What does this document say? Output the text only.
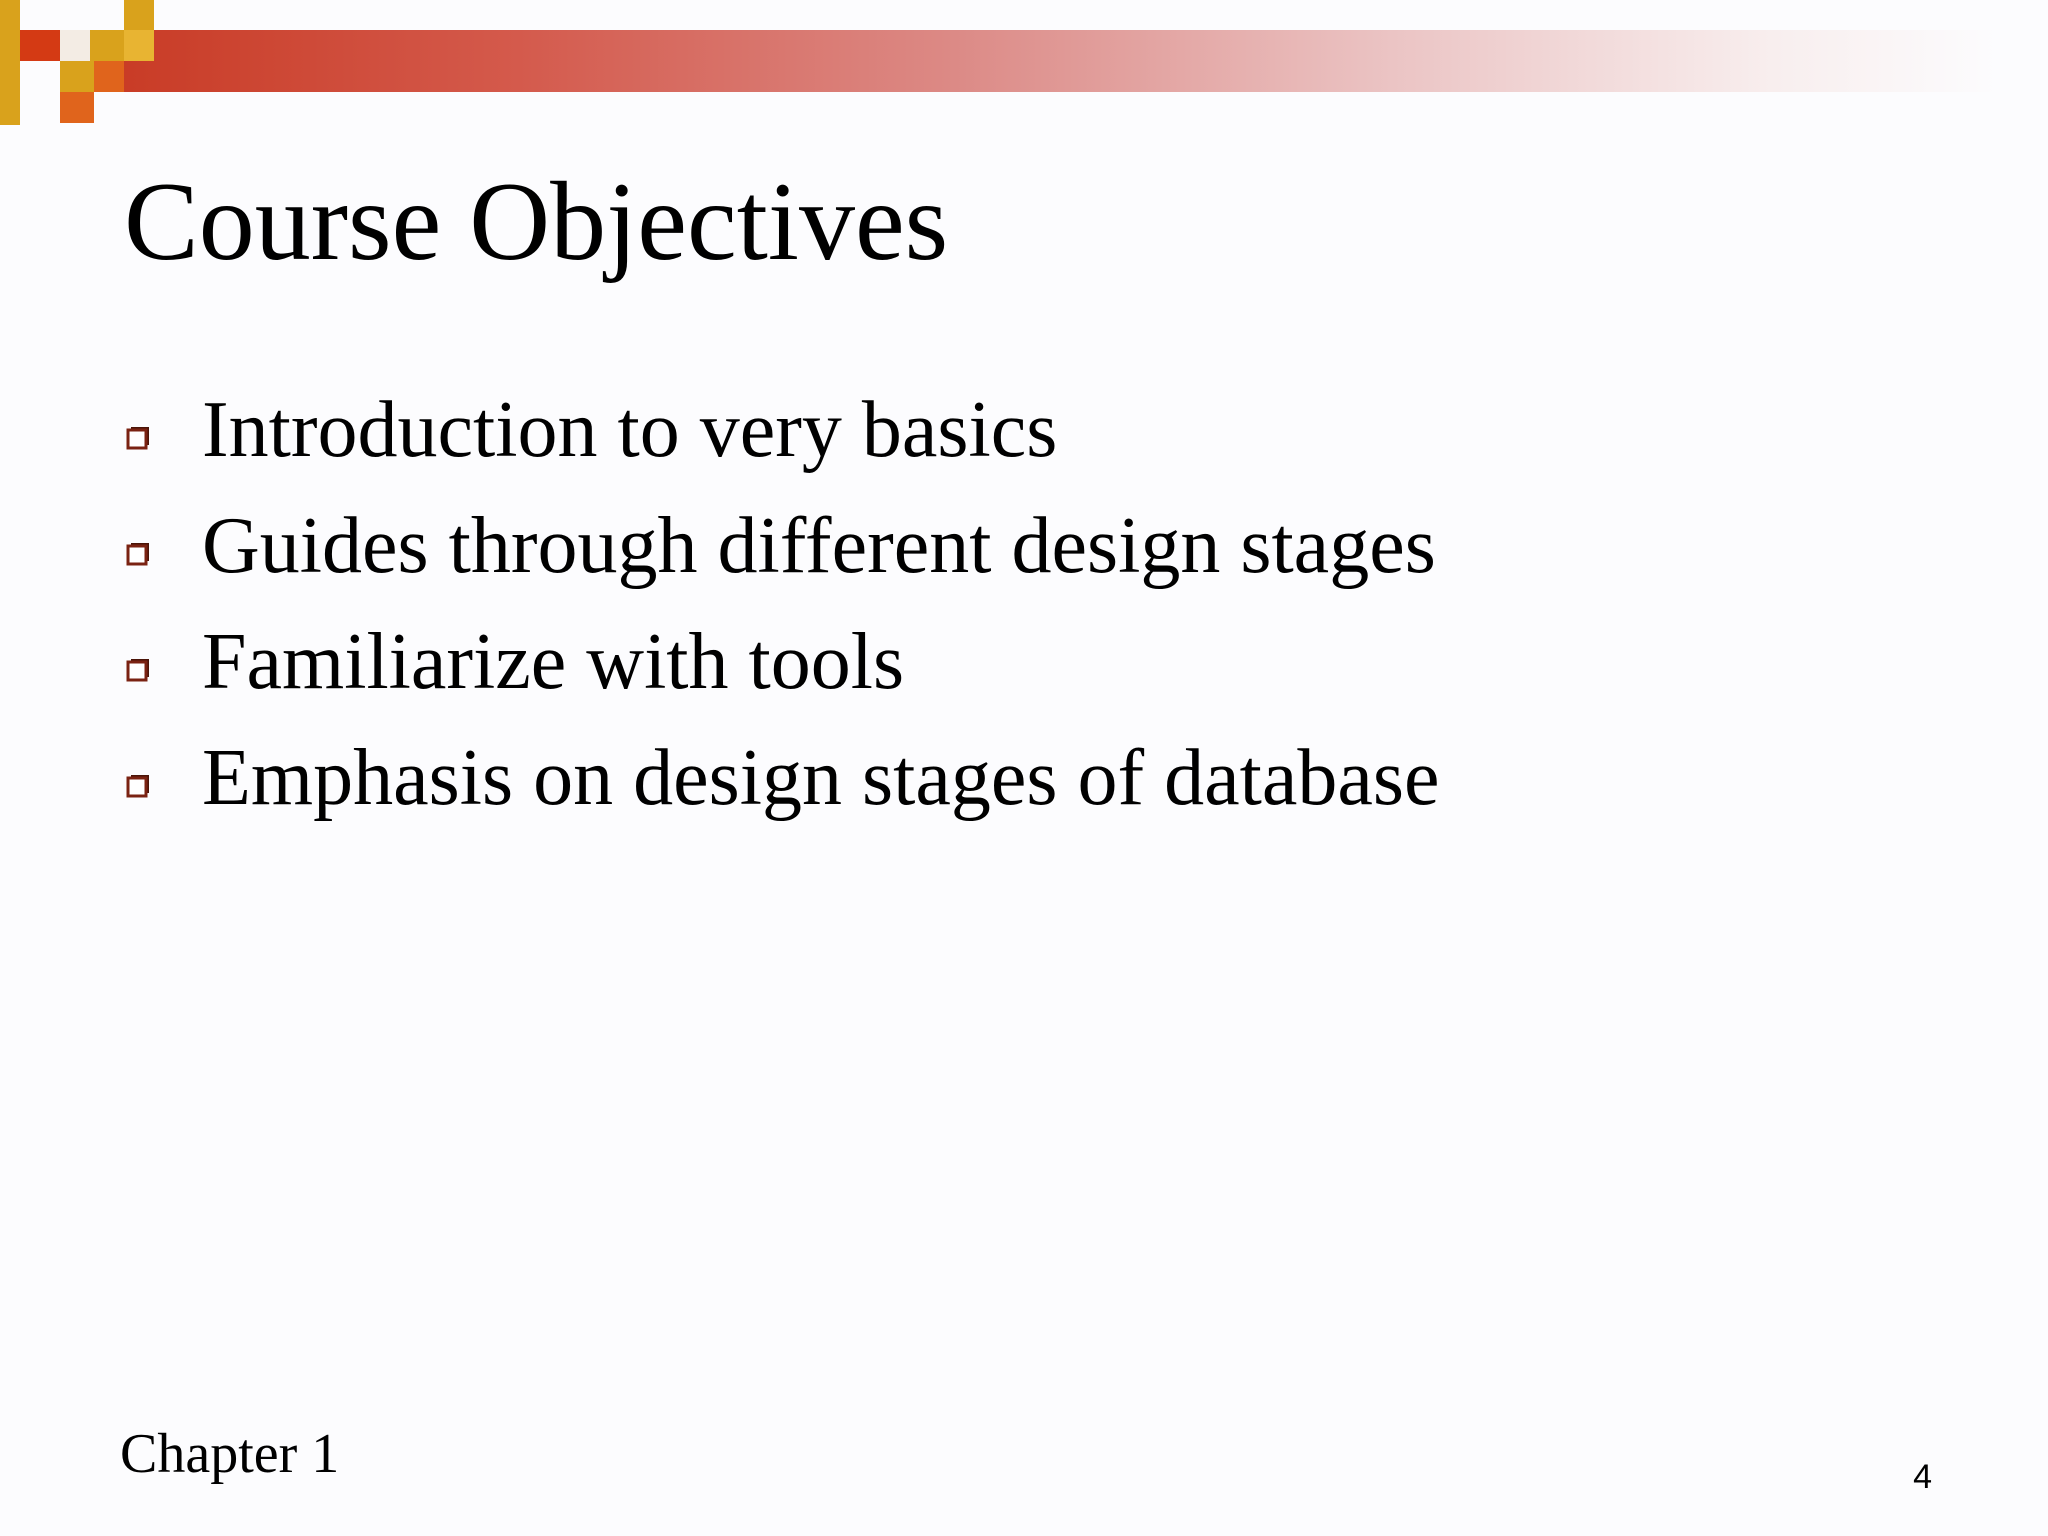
Course Objectives
Introduction to very basics
Guides through different design stages
Familiarize with tools
Emphasis on design stages of database
Chapter 1	4
